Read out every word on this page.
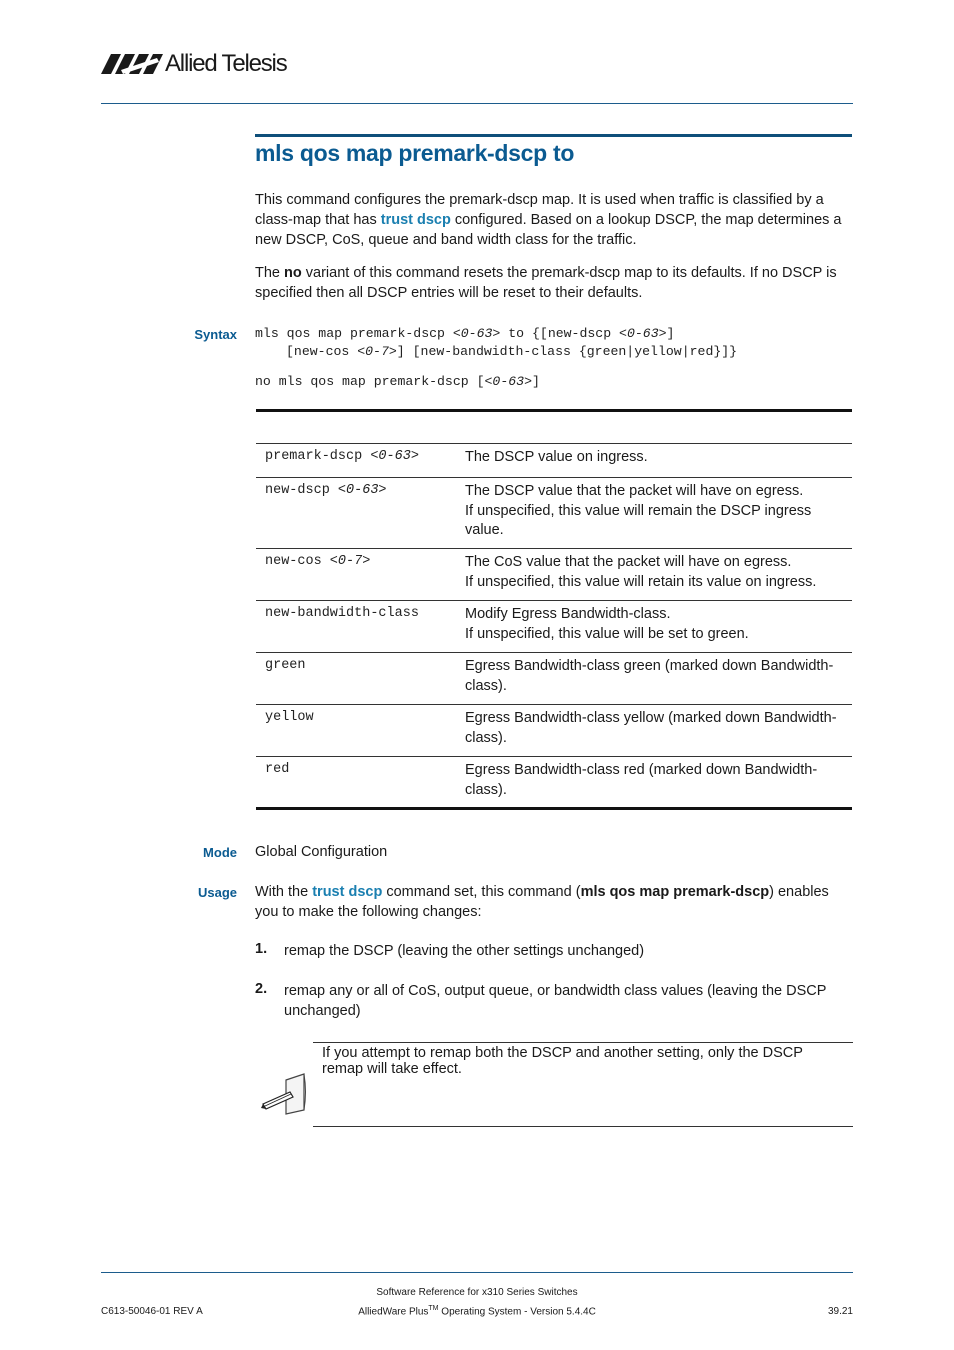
Allied Telesis
mls qos map premark-dscp to

This command configures the premark-dscp map. It is used when traffic is classified by a class-map that has trust dscp configured. Based on a lookup DSCP, the map determines a new DSCP, CoS, queue and band width class for the traffic.

The no variant of this command resets the premark-dscp map to its defaults. If no DSCP is specified then all DSCP entries will be reset to their defaults.

Syntax mls qos map premark-dscp <0-63> to {[new-dscp <0-63>]
[new-cos <0-7>] [new-bandwidth-class {green|yellow|red}]}
no mls qos map premark-dscp [<0-63>]
premark-dscp <0-63>	The DSCP value on ingress.
new-dscp <0-63>	The DSCP value that the packet will have on egress.
If unspecified, this value will remain the DSCP ingress value.
new-cos <0-7>	The CoS value that the packet will have on egress.
If unspecified, this value will retain its value on ingress.
new-bandwidth-class	Modify Egress Bandwidth-class.
If unspecified, this value will be set to green.
green	Egress Bandwidth-class green (marked down Bandwidth-class).
yellow	Egress Bandwidth-class yellow (marked down Bandwidth-class).
red	Egress Bandwidth-class red (marked down Bandwidth-class).
Mode Global Configuration
Usage With the trust dscp command set, this command (mls qos map premark-dscp) enables you to make the following changes:

1. remap the DSCP (leaving the other settings unchanged)
2. remap any or all of CoS, output queue, or bandwidth class values (leaving the DSCP unchanged)
If you attempt to remap both the DSCP and another setting, only the DSCP remap will take effect.
C613-50046-01 REV A
Software Reference for x310 Series Switches
AlliedWare Plus™ Operating System - Version 5.4.4C	39.21
